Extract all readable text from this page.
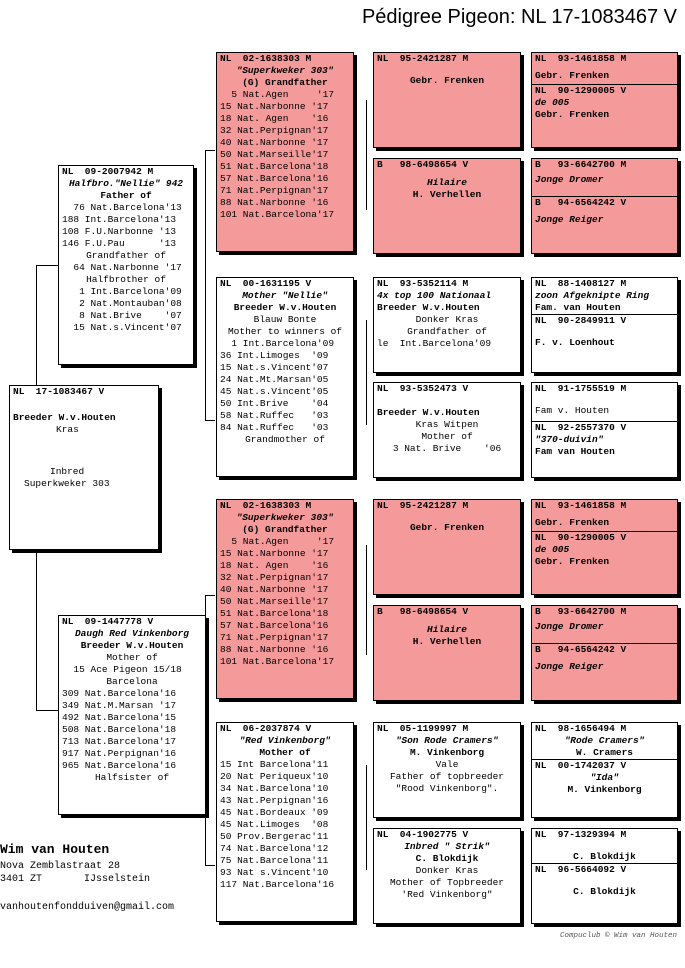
Pédigree Pigeon: NL 17-1083467 V
NL  17-1083467 V
Breeder W.v.Houten
Kras
Inbred
Superkweker 303
NL  09-2007942 M
Halfbro."Nellie" 942
Father of
76 Nat.Barcelona'13
188 Int.Barcelona'13
108 F.U.Narbonne '13
146 F.U.Pau      '13
Grandfather of
64 Nat.Narbonne '17
Halfbrother of
1 Int.Barcelona'09
2 Nat.Montauban'08
8 Nat.Brive    '07
15 Nat.s.Vincent'07
NL  09-1447778 V
Daugh Red Vinkenborg
Breeder W.v.Houten
Mother of
15 Ace Pigeon 15/18
Barcelona
309 Nat.Barcelona'16
349 Nat.M.Marsan '17
492 Nat.Barcelona'15
508 Nat.Barcelona'18
713 Nat.Barcelona'17
917 Nat.Perpignan'16
965 Nat.Barcelona'16
Halfsister of
NL  02-1638303 M
"Superkweker 303"
(G) Grandfather
5 Nat.Agen     '17
15 Nat.Narbonne '17
18 Nat. Agen    '16
32 Nat.Perpignan'17
40 Nat.Narbonne '17
50 Nat.Marseille'17
51 Nat.Barcelona'18
57 Nat.Barcelona'16
71 Nat.Perpignan'17
88 Nat.Narbonne '16
101 Nat.Barcelona'17
NL  00-1631195 V
Mother "Nellie"
Breeder W.v.Houten
Blauw Bonte
Mother to winners of
1 Int.Barcelona'09
36 Int.Limoges  '09
15 Nat.s.Vincent'07
24 Nat.Mt.Marsan'05
45 Nat.s.Vincent'05
50 Int.Brive    '04
58 Nat.Ruffec   '03
84 Nat.Ruffec   '03
Grandmother of
NL  02-1638303 M
"Superkweker 303"
(G) Grandfather
5 Nat.Agen     '17
15 Nat.Narbonne '17
18 Nat. Agen    '16
32 Nat.Perpignan'17
40 Nat.Narbonne '17
50 Nat.Marseille'17
51 Nat.Barcelona'18
57 Nat.Barcelona'16
71 Nat.Perpignan'17
88 Nat.Narbonne '16
101 Nat.Barcelona'17
NL  06-2037874 V
"Red Vinkenborg"
Mother of
15 Int Barcelona'11
20 Nat Periqueux'10
34 Nat.Barcelona'10
43 Nat.Perpignan'16
45 Nat.Bordeaux '09
45 Nat.Limoges  '08
50 Prov.Bergerac'11
74 Nat.Barcelona'12
75 Nat.Barcelona'11
93 Nat s.Vincent'10
117 Nat.Barcelona'16
NL  95-2421287 M
Gebr. Frenken
B   98-6498654 V
Hilaire
H. Verhellen
NL  93-5352114 M
4x top 100 Nationaal
Breeder W.v.Houten
Donker Kras
Grandfather of
le  Int.Barcelona'09
NL  93-5352473 V
Breeder W.v.Houten
Kras Witpen
Mother of
3 Nat. Brive    '06
NL  95-2421287 M
Gebr. Frenken
B   98-6498654 V
Hilaire
H. Verhellen
NL  05-1199997 M
"Son Rode Cramers"
M. Vinkenborg
Vale
Father of topbreeder
"Rood Vinkenborg".
NL  04-1902775 V
Inbred " Strik"
C. Blokdijk
Donker Kras
Mother of Topbreeder
'Red Vinkenborg"
NL  93-1461858 M
Gebr. Frenken
NL  90-1290005 V
de 005
Gebr. Frenken
B   93-6642700 M
Jonge Dromer
B   94-6564242 V
Jonge Reiger
NL  88-1408127 M
zoon Afgeknipte Ring
Fam. van Houten
NL  90-2849911 V
F. v. Loenhout
NL  91-1755519 M
Fam v. Houten
NL  92-2557370 V
"370-duivin"
Fam van Houten
NL  93-1461858 M
Gebr. Frenken
NL  90-1290005 V
de 005
Gebr. Frenken
B   93-6642700 M
Jonge Dromer
B   94-6564242 V
Jonge Reiger
NL  98-1656494 M
"Rode Cramers"
W. Cramers
NL  00-1742037 V
"Ida"
M. Vinkenborg
NL  97-1329394 M
C. Blokdijk
NL  96-5664092 V
C. Blokdijk
Wim van Houten
Nova Zemblastraat 28
3401 ZT       IJsselstein
vanhoutenfondduiven@gmail.com
Compuclub © Wim van Houten
